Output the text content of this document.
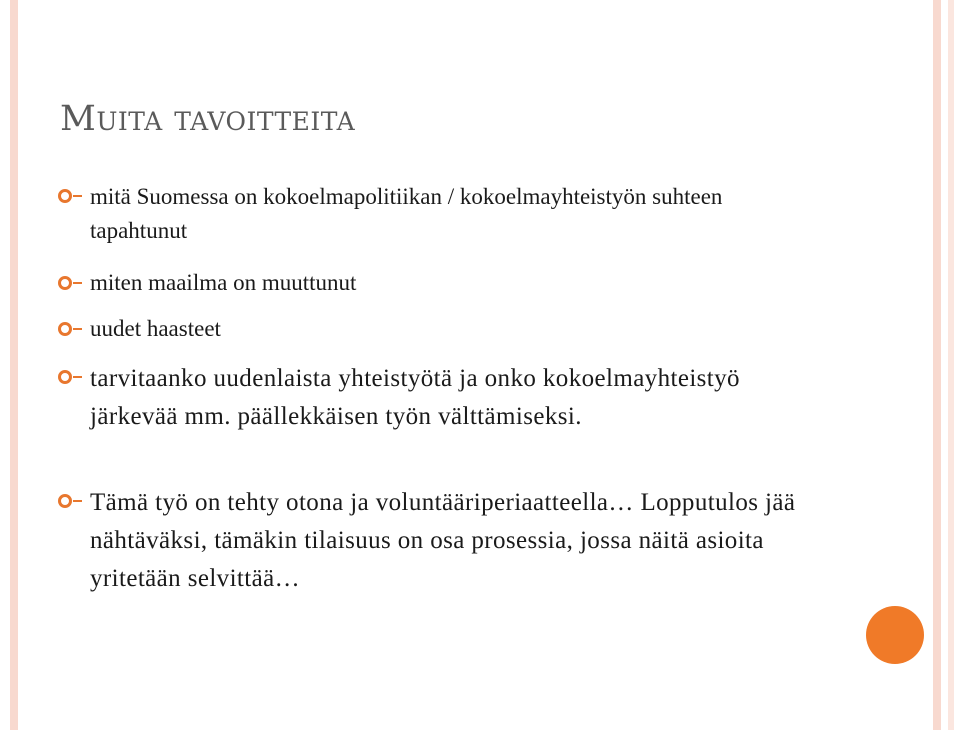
Muita tavoitteita
mitä Suomessa on kokoelmapolitiikan / kokoelmayhteistyön suhteen tapahtunut
miten maailma on muuttunut
uudet haasteet
tarvitaanko uudenlaista yhteistyötä ja onko kokoelmayhteistyö järkevää mm. päällekkäisen työn välttämiseksi.
Tämä työ on tehty otona ja voluntääriperiaatteella… Lopputulos jää nähtäväksi, tämäkin tilaisuus on osa prosessia, jossa näitä asioita yritetään selvittää…
